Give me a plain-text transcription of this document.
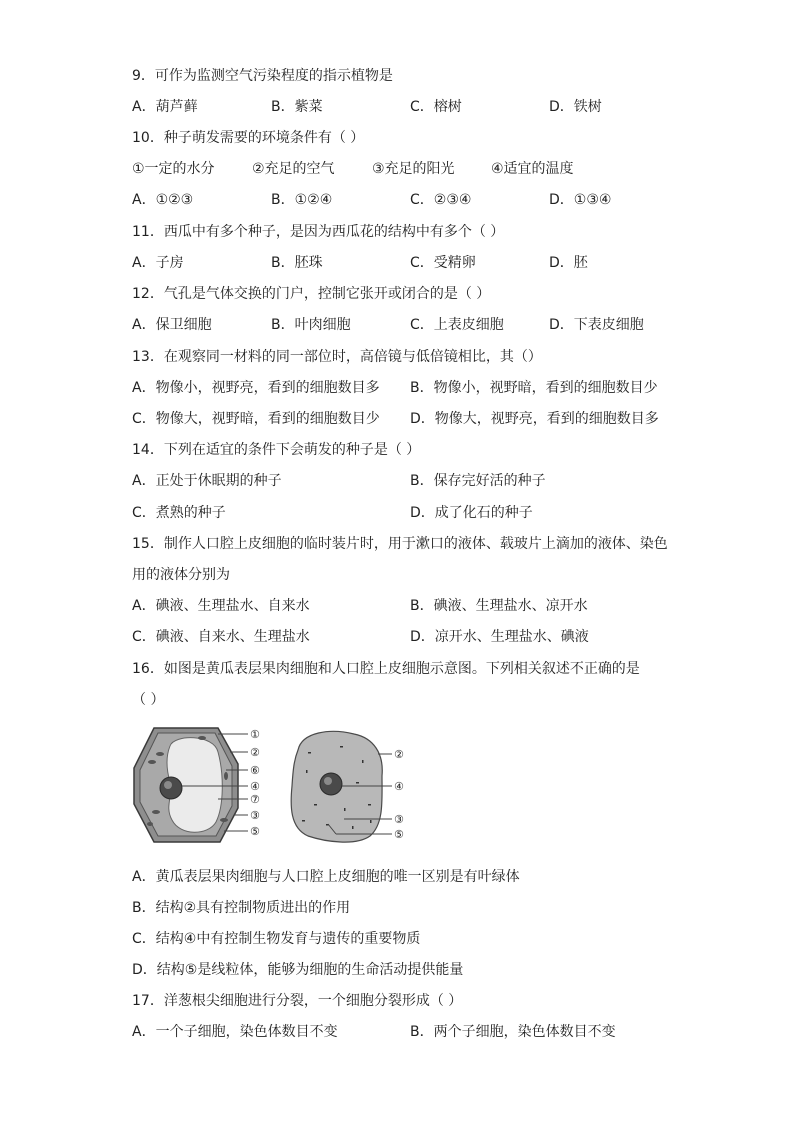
9．可作为监测空气污染程度的指示植物是
A．葫芦藓	B．紫菜	C．榕树	D．铁树
10．种子萌发需要的环境条件有（ ）
①一定的水分	②充足的空气	③充足的阳光	④适宜的温度
A．①②③	B．①②④	C．②③④	D．①③④
11．西瓜中有多个种子，是因为西瓜花的结构中有多个（ ）
A．子房	B．胚珠	C．受精卵	D．胚
12．气孔是气体交换的门户，控制它张开或闭合的是（ ）
A．保卫细胞	B．叶肉细胞	C．上表皮细胞	D．下表皮细胞
13．在观察同一材料的同一部位时，高倍镜与低倍镜相比，其（）
A．物像小，视野亮，看到的细胞数目多 B．物像小，视野暗，看到的细胞数目少
C．物像大，视野暗，看到的细胞数目少 D．物像大，视野亮，看到的细胞数目多
14．下列在适宜的条件下会萌发的种子是（ ）
A．正处于休眠期的种子	B．保存完好活的种子
C．煮熟的种子	D．成了化石的种子
15．制作人口腔上皮细胞的临时装片时，用于漱口的液体、载玻片上滴加的液体、染色
用的液体分别为
A．碘液、生理盐水、自来水	B．碘液、生理盐水、凉开水
C．碘液、自来水、生理盐水	D．凉开水、生理盐水、碘液
16．如图是黄瓜表层果肉细胞和人口腔上皮细胞示意图。下列相关叙述不正确的是
（ ）
①
②
⑥
④
⑦
③
⑤
②
④
③
⑤
A．黄瓜表层果肉细胞与人口腔上皮细胞的唯一区别是有叶绿体
B．结构②具有控制物质进出的作用
C．结构④中有控制生物发育与遗传的重要物质
D．结构⑤是线粒体，能够为细胞的生命活动提供能量
17．洋葱根尖细胞进行分裂，一个细胞分裂形成（ ）
A．一个子细胞，染色体数目不变	B．两个子细胞，染色体数目不变
